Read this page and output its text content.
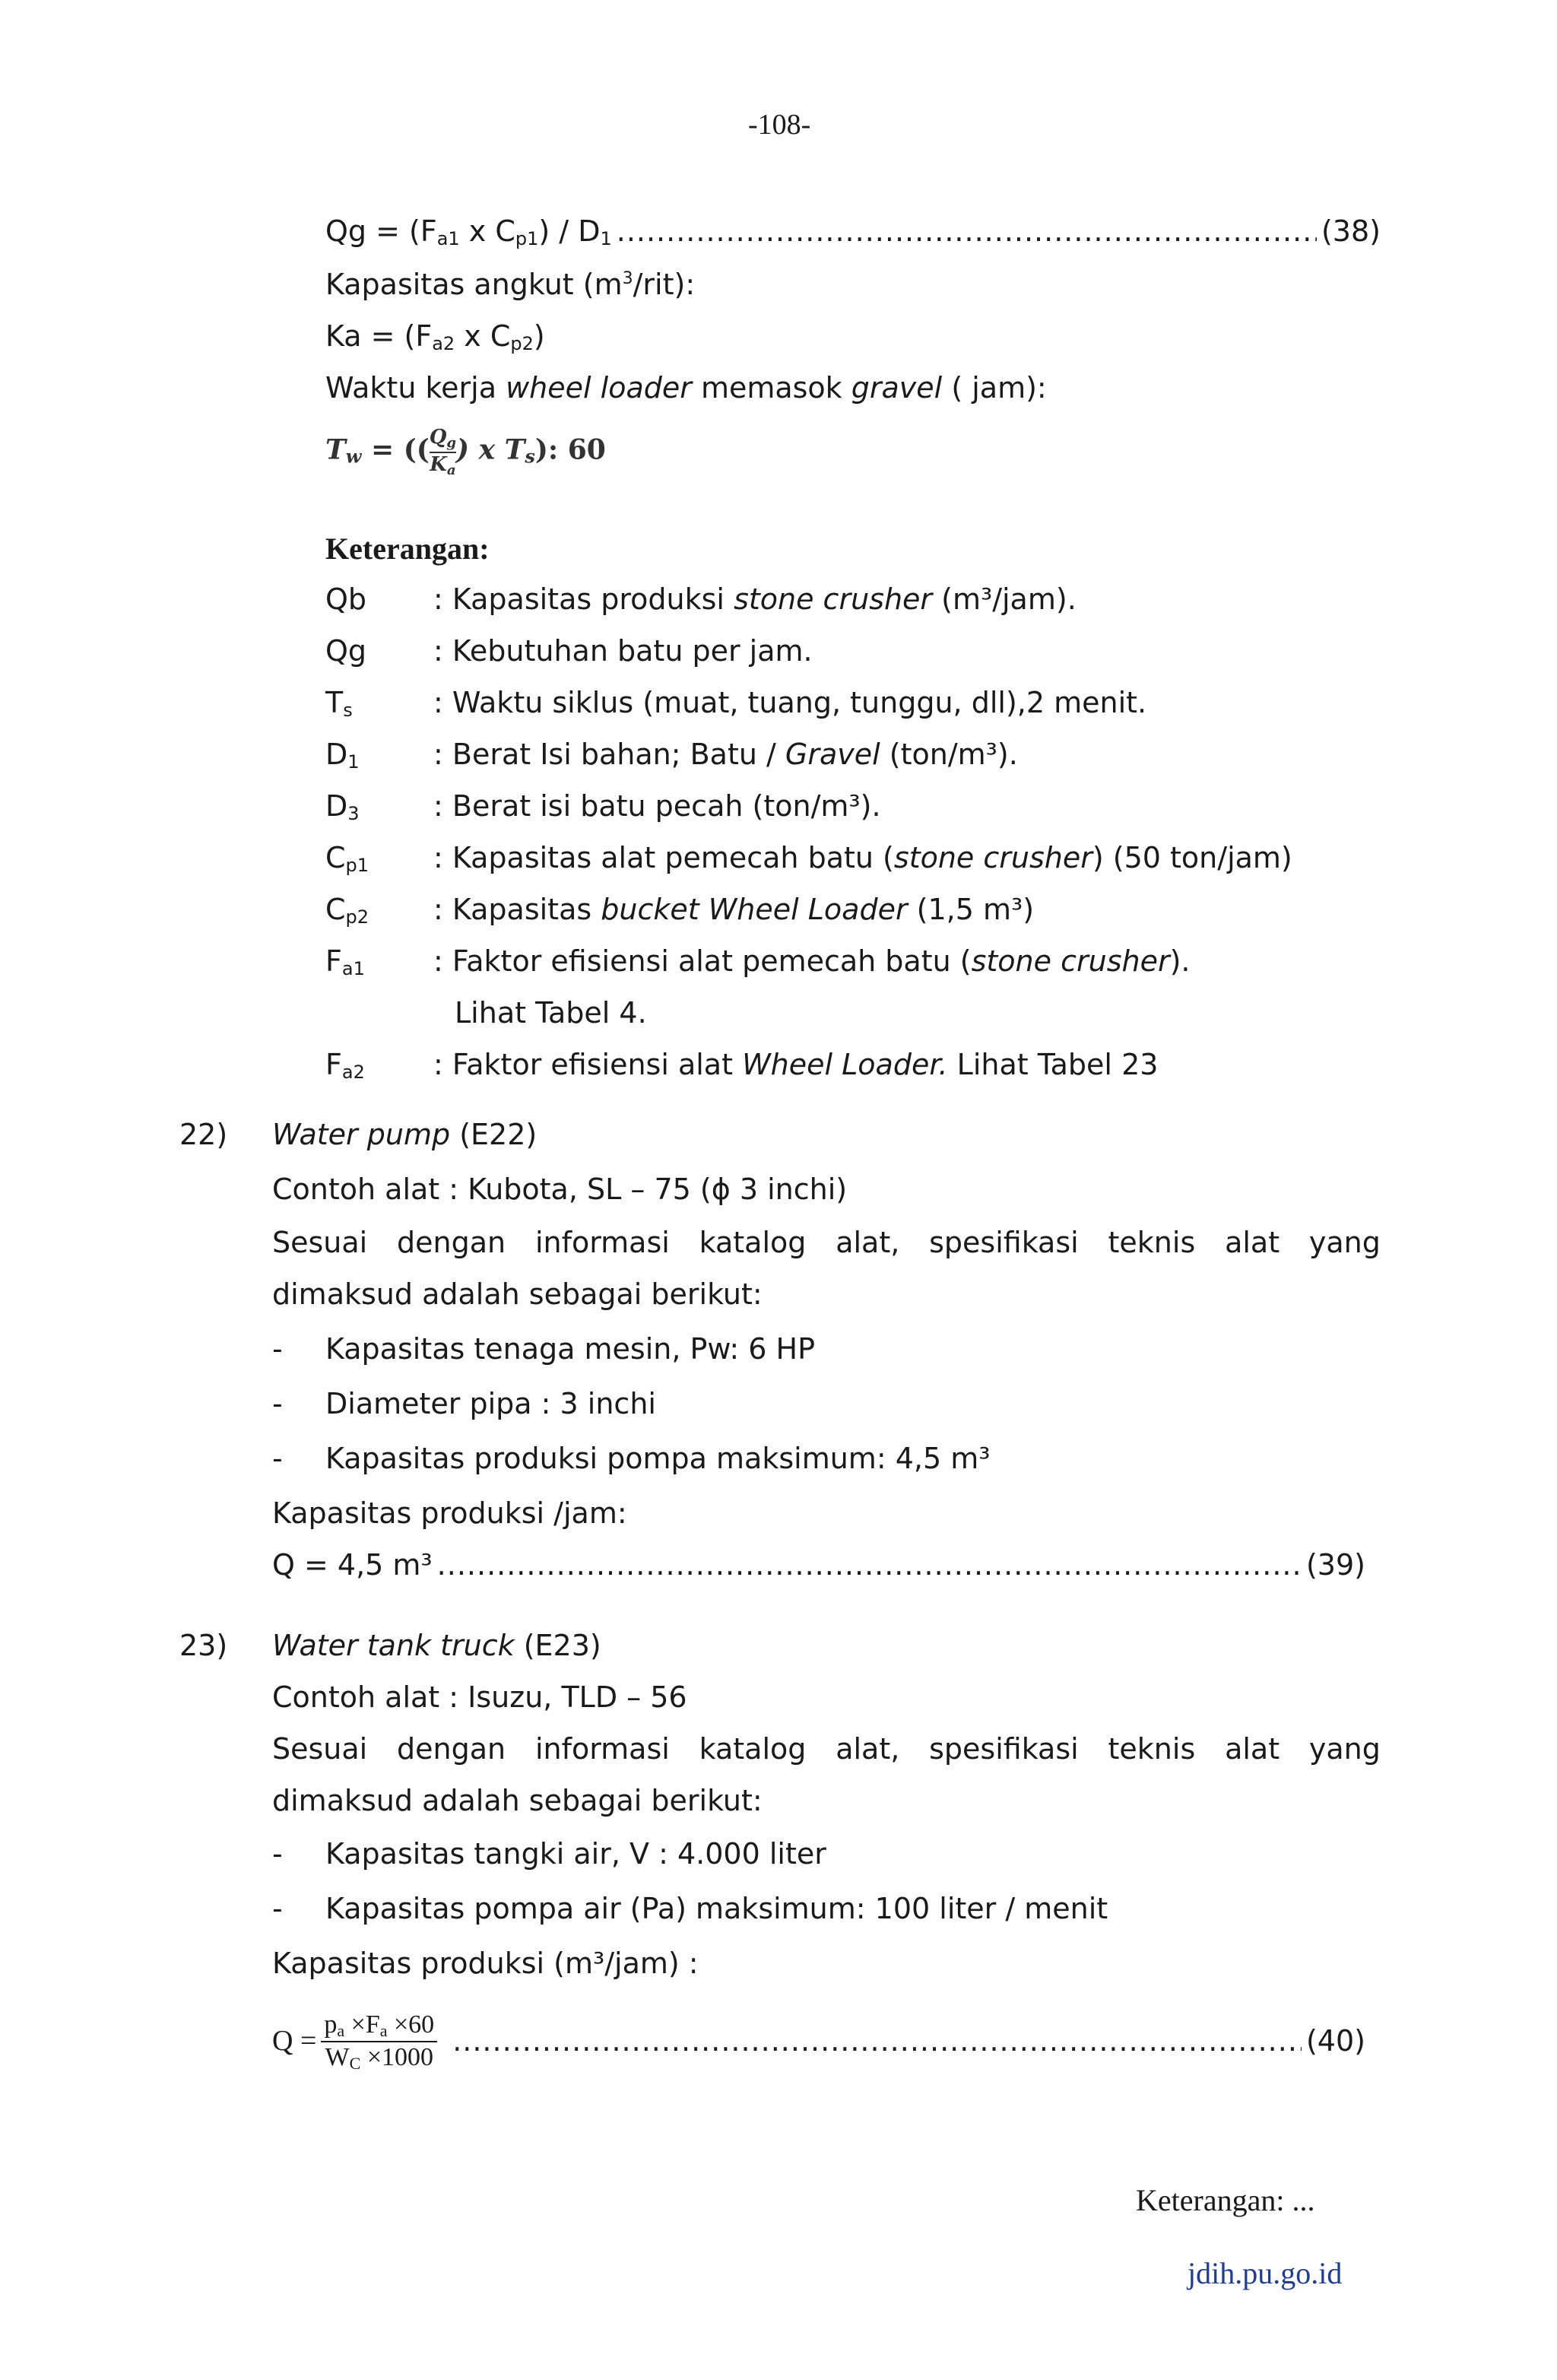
-108-
$Qg = (F_{a1}$ x $C_{p1}) / D_1$ .....	(38)
Kapasitas angkut $(m^3/rit)$:
$Ka = (F_{a2}$ x $C_{p2}$)
Waktu kerja wheel loader memasok gravel ( jam):
$T_w$ = (( $\frac{Q_g}{K_a}$ ) x $T_s$): 60
Keterangan:
Qb	: Kapasitas produksi stone crusher (m³/jam).
Qg	: Kebutuhan batu per jam.
$T_s$	: Waktu siklus (muat, tuang, tunggu, dll),2 menit.
$D_1$	: Berat Isi bahan; Batu / Gravel (ton/m³).
$D_3$	: Berat isi batu pecah (ton/m³).
$C_{p1}$	: Kapasitas alat pemecah batu (stone crusher) (50 ton/jam)
$C_{p2}$	: Kapasitas bucket Wheel Loader (1,5 m³)
$F_{a1}$	: Faktor efisiensi alat pemecah batu (stone crusher).
Lihat Tabel 4.
$F_{a2}$	: Faktor efisiensi alat Wheel Loader. Lihat Tabel 23
22) Water pump (E22)
Contoh alat : Kubota, SL – 75 (ϕ 3 inchi)
Sesuai dengan informasi katalog alat, spesifikasi teknis alat yang
dimaksud adalah sebagai berikut:
-	Kapasitas tenaga mesin, Pw: 6 HP
-	Diameter pipa : 3 inchi
-	Kapasitas produksi pompa maksimum: 4,5 m³
Kapasitas produksi /jam:
Q = 4,5 m³ .....	(39)
23) Water tank truck (E23)
Contoh alat : Isuzu, TLD – 56
Sesuai dengan informasi katalog alat, spesifikasi teknis alat yang
dimaksud adalah sebagai berikut:
-	Kapasitas tangki air, V : 4.000 liter
-	Kapasitas pompa air (Pa) maksimum: 100 liter / menit
Kapasitas produksi (m³/jam) :
$Q = \frac{p_a \times F_a \times 60}{W_C \times 1000}$ .....	(40)
Keterangan: ...
jdih.pu.go.id
